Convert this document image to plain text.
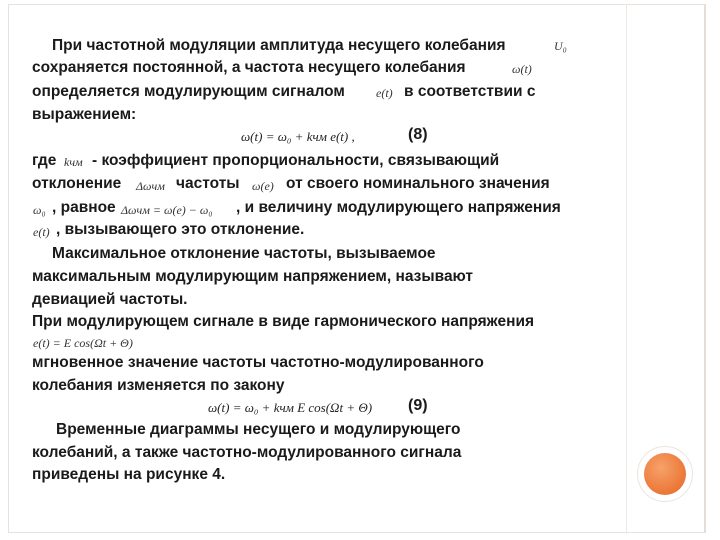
При частотной модуляции амплитуда несущего колебания	U₀
сохраняется постоянной, а частота несущего колебания	ω(t)
определяется модулирующим сигналом	e(t) в соответствии с
выражением:
ω(t) = ω₀ + kчм e(t) ,	(8)
где kчм - коэффициент пропорциональности, связывающий
отклонение Δωчм частоты ω(e) от своего номинального значения
ω₀ , равное Δωчм = ω(e) − ω₀ , и величину модулирующего напряжения
e(t) , вызывающего это отклонение.
Максимальное отклонение частоты, вызываемое
максимальным модулирующим напряжением, называют
девиацией частоты.
При модулирующем сигнале в виде гармонического напряжения
e(t) = E cos(Ωt + Θ)
мгновенное значение частоты частотно-модулированного
колебания изменяется по закону
ω(t) = ω₀ + kчм E cos(Ωt + Θ) (9)
Временные диаграммы несущего и модулирующего
колебаний, а также частотно-модулированного сигнала
приведены на рисунке 4.
